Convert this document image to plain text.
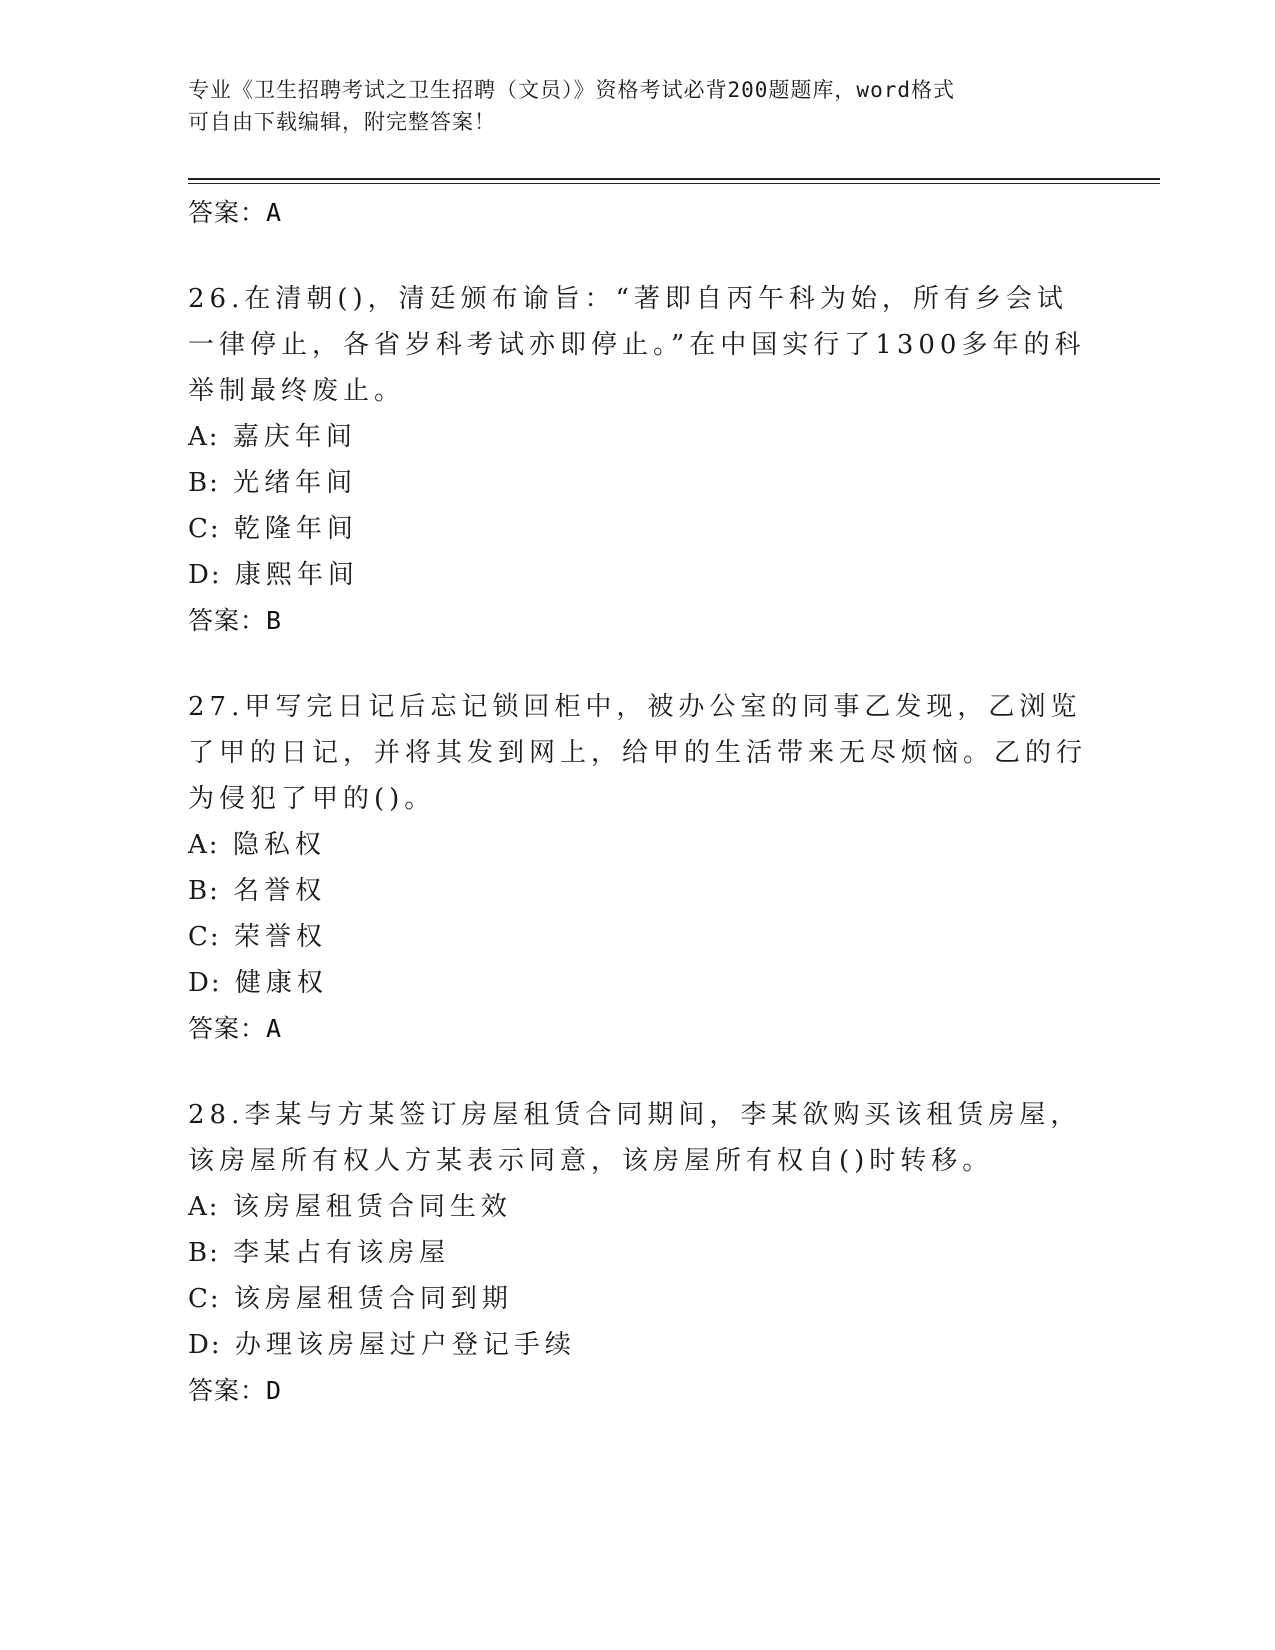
专业《卫生招聘考试之卫生招聘（文员）》资格考试必背200题题库，word格式
可自由下载编辑，附完整答案！
答案：A
26.在清朝()，清廷颁布谕旨：“著即自丙午科为始，所有乡会试一律停止，各省岁科考试亦即停止。”在中国实行了1300多年的科举制最终废止。
A: 嘉庆年间
B: 光绪年间
C: 乾隆年间
D: 康熙年间
答案：B
27.甲写完日记后忘记锁回柜中，被办公室的同事乙发现，乙浏览了甲的日记，并将其发到网上，给甲的生活带来无尽烦恼。乙的行为侵犯了甲的()。
A: 隐私权
B: 名誉权
C: 荣誉权
D: 健康权
答案：A
28.李某与方某签订房屋租赁合同期间，李某欲购买该租赁房屋，该房屋所有权人方某表示同意，该房屋所有权自()时转移。
A: 该房屋租赁合同生效
B: 李某占有该房屋
C: 该房屋租赁合同到期
D: 办理该房屋过户登记手续
答案：D
